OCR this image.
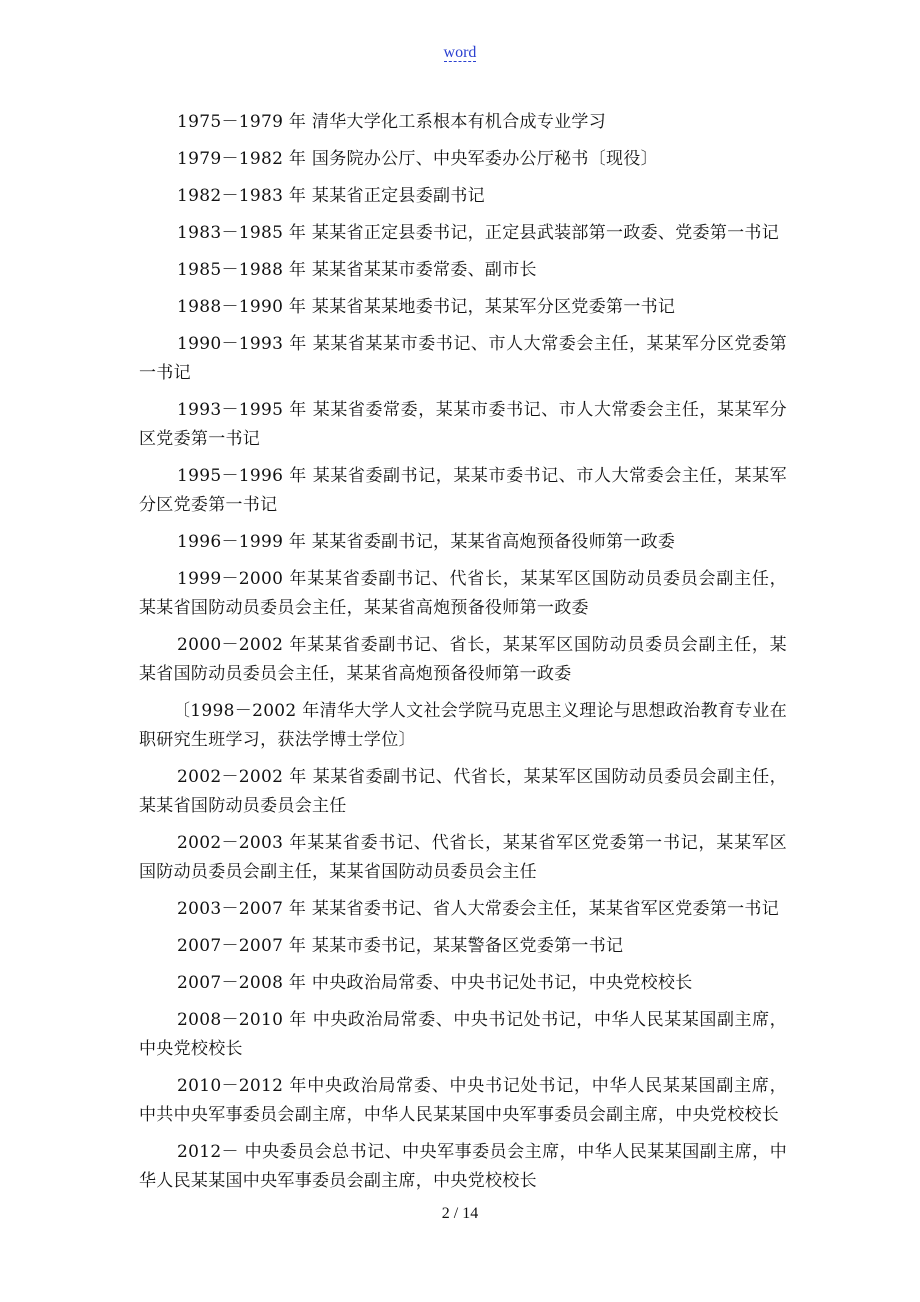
word

1975－1979 年 清华大学化工系根本有机合成专业学习

1979－1982 年 国务院办公厅、中央军委办公厅秘书〔现役〕

1982－1983 年 某某省正定县委副书记

1983－1985 年 某某省正定县委书记，正定县武装部第一政委、党委第一书记

1985－1988 年 某某省某某市委常委、副市长

1988－1990 年 某某省某某地委书记，某某军分区党委第一书记

1990－1993 年 某某省某某市委书记、市人大常委会主任，某某军分区党委第一书记

1993－1995 年 某某省委常委，某某市委书记、市人大常委会主任，某某军分区党委第一书记

1995－1996 年 某某省委副书记，某某市委书记、市人大常委会主任，某某军分区党委第一书记

1996－1999 年 某某省委副书记，某某省高炮预备役师第一政委

1999－2000 年某某省委副书记、代省长，某某军区国防动员委员会副主任，某某省国防动员委员会主任，某某省高炮预备役师第一政委

2000－2002 年某某省委副书记、省长，某某军区国防动员委员会副主任，某某省国防动员委员会主任，某某省高炮预备役师第一政委

〔1998－2002 年清华大学人文社会学院马克思主义理论与思想政治教育专业在职研究生班学习，获法学博士学位〕

2002－2002 年 某某省委副书记、代省长，某某军区国防动员委员会副主任，某某省国防动员委员会主任

2002－2003 年某某省委书记、代省长，某某省军区党委第一书记，某某军区国防动员委员会副主任，某某省国防动员委员会主任

2003－2007 年 某某省委书记、省人大常委会主任，某某省军区党委第一书记

2007－2007 年 某某市委书记，某某警备区党委第一书记

2007－2008 年 中央政治局常委、中央书记处书记，中央党校校长

2008－2010 年 中央政治局常委、中央书记处书记，中华人民某某国副主席，中央党校校长

2010－2012 年中央政治局常委、中央书记处书记，中华人民某某国副主席，中共中央军事委员会副主席，中华人民某某国中央军事委员会副主席，中央党校校长

2012－ 中央委员会总书记、中央军事委员会主席，中华人民某某国副主席，中华人民某某国中央军事委员会副主席，中央党校校长

2 / 14
